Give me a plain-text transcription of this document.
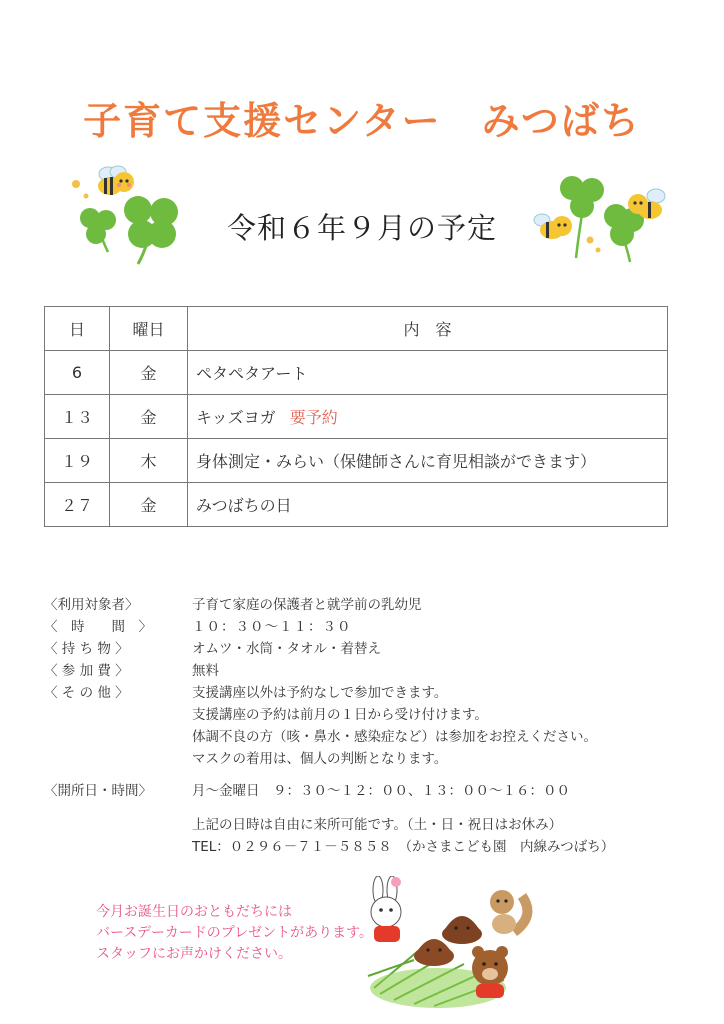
子育て支援センター　みつばち
令和６年９月の予定
日	曜日	内　容
6	金	ペタペタアート
１３	金	キッズヨガ 要予約
１９	木	身体測定・みらい（保健師さんに育児相談ができます）
２７	金	みつばちの日
〈利用対象者〉	子育て家庭の保護者と就学前の乳幼児
〈　時　　間　〉	１０：３０～１１：３０
〈 持 ち 物 〉	オムツ・水筒・タオル・着替え
〈 参 加 費 〉	無料
〈 そ の 他 〉	支援講座以外は予約なしで参加できます。
支援講座の予約は前月の１日から受け付けます。
体調不良の方（咳・鼻水・感染症など）は参加をお控えください。
マスクの着用は、個人の判断となります。
〈開所日・時間〉	月～金曜日　９：３０～１２：００、１３：００～１６：００
上記の日時は自由に来所可能です。（土・日・祝日はお休み）
TEL：０２９６－７１－５８５８　（かさまこども園　内線みつばち）
今月お誕生日のおともだちには
バースデーカードのプレゼントがあります。
スタッフにお声かけください。
